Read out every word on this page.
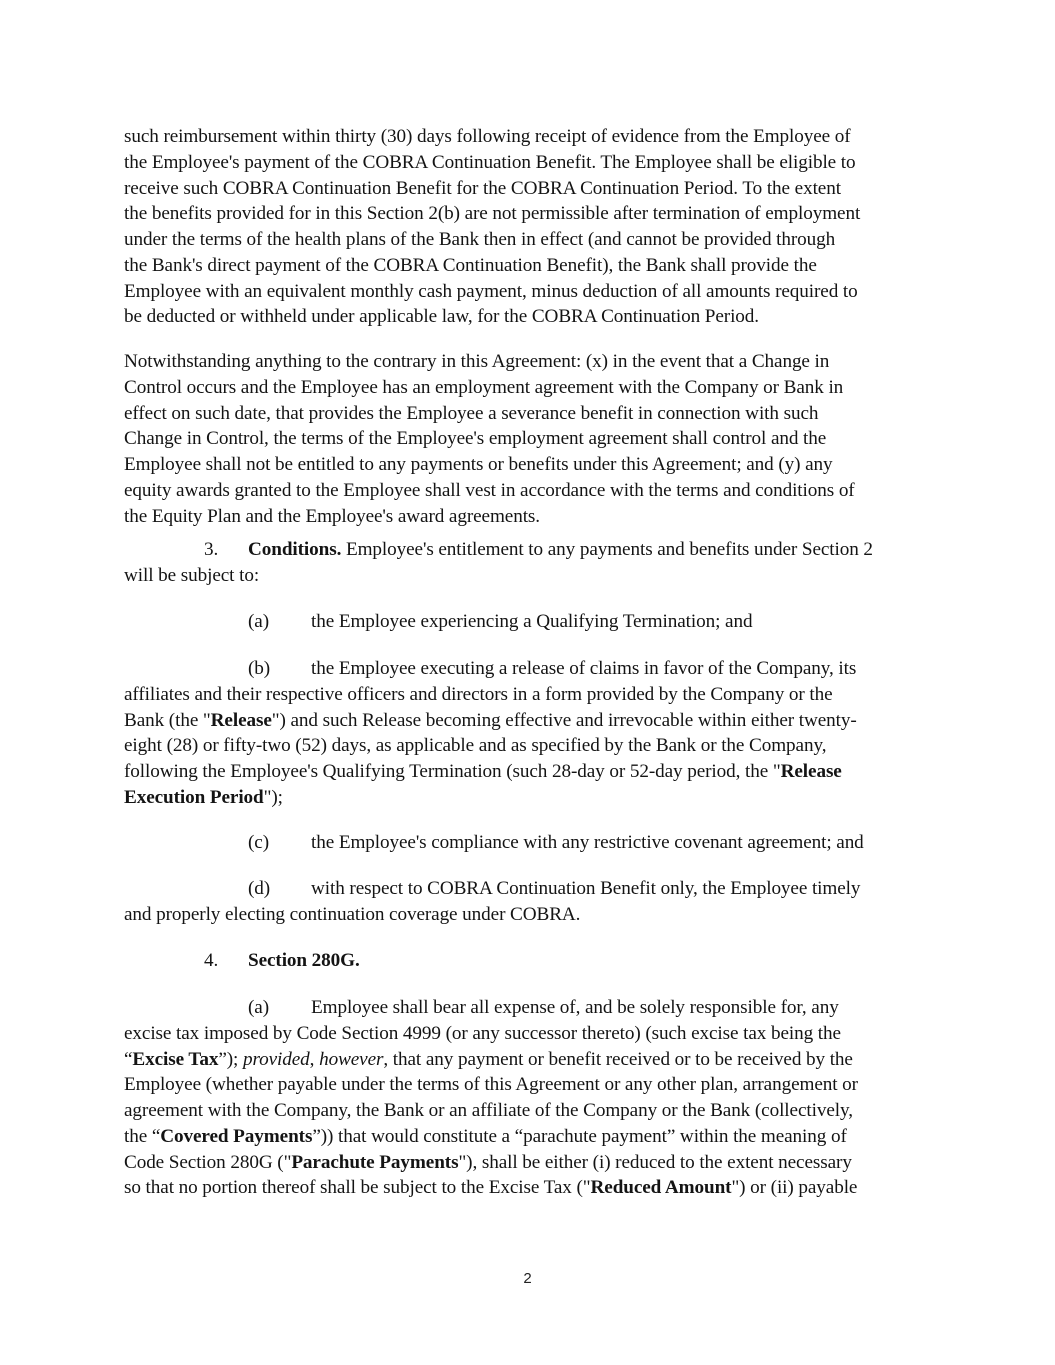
such reimbursement within thirty (30) days following receipt of evidence from the Employee of
the Employee's payment of the COBRA Continuation Benefit. The Employee shall be eligible to
receive such COBRA Continuation Benefit for the COBRA Continuation Period. To the extent
the benefits provided for in this Section 2(b) are not permissible after termination of employment
under the terms of the health plans of the Bank then in effect (and cannot be provided through
the Bank's direct payment of the COBRA Continuation Benefit), the Bank shall provide the
Employee with an equivalent monthly cash payment, minus deduction of all amounts required to
be deducted or withheld under applicable law, for the COBRA Continuation Period.
Notwithstanding anything to the contrary in this Agreement: (x) in the event that a Change in
Control occurs and the Employee has an employment agreement with the Company or Bank in
effect on such date, that provides the Employee a severance benefit in connection with such
Change in Control, the terms of the Employee's employment agreement shall control and the
Employee shall not be entitled to any payments or benefits under this Agreement; and (y) any
equity awards granted to the Employee shall vest in accordance with the terms and conditions of
the Equity Plan and the Employee's award agreements.
3. Conditions. Employee's entitlement to any payments and benefits under Section 2
will be subject to:
(a) the Employee experiencing a Qualifying Termination; and
(b) the Employee executing a release of claims in favor of the Company, its
affiliates and their respective officers and directors in a form provided by the Company or the
Bank (the "Release") and such Release becoming effective and irrevocable within either twenty-
eight (28) or fifty-two (52) days, as applicable and as specified by the Bank or the Company,
following the Employee's Qualifying Termination (such 28-day or 52-day period, the "Release
Execution Period");
(c) the Employee's compliance with any restrictive covenant agreement; and
(d) with respect to COBRA Continuation Benefit only, the Employee timely
and properly electing continuation coverage under COBRA.
4. Section 280G.
(a) Employee shall bear all expense of, and be solely responsible for, any
excise tax imposed by Code Section 4999 (or any successor thereto) (such excise tax being the
“Excise Tax”); provided, however, that any payment or benefit received or to be received by the
Employee (whether payable under the terms of this Agreement or any other plan, arrangement or
agreement with the Company, the Bank or an affiliate of the Company or the Bank (collectively,
the “Covered Payments”)) that would constitute a “parachute payment” within the meaning of
Code Section 280G ("Parachute Payments"), shall be either (i) reduced to the extent necessary
so that no portion thereof shall be subject to the Excise Tax ("Reduced Amount") or (ii) payable
2
